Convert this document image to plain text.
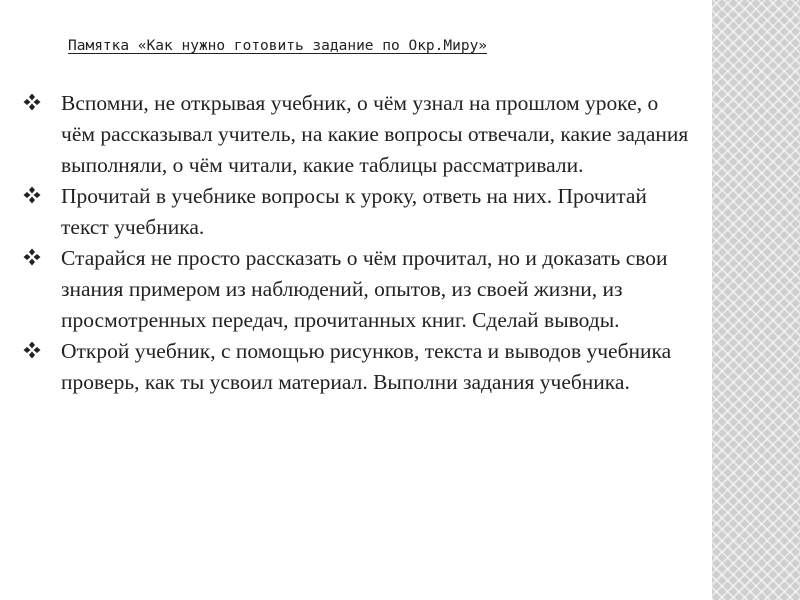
Памятка «Как нужно готовить задание по Окр.Миру»
Вспомни, не открывая учебник, о чём узнал на прошлом уроке, о чём рассказывал учитель, на какие вопросы отвечали, какие задания выполняли, о чём читали, какие таблицы рассматривали.
Прочитай в учебнике вопросы к уроку, ответь на них. Прочитай текст учебника.
Старайся не просто рассказать о чём прочитал, но и доказать свои знания примером из наблюдений, опытов, из своей жизни, из просмотренных передач, прочитанных книг. Сделай выводы.
Открой учебник, с помощью рисунков, текста и выводов учебника проверь, как ты усвоил материал. Выполни задания учебника.
